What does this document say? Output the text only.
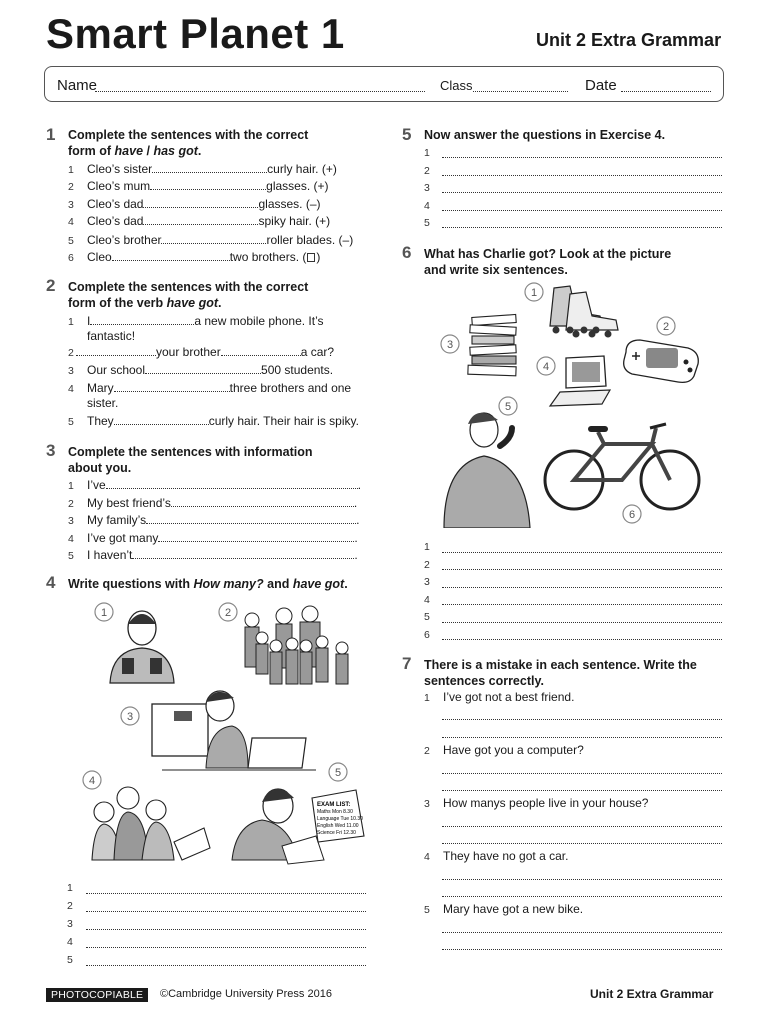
Smart Planet 1	Unit 2 Extra Grammar
Name	Class	Date
1 Complete the sentences with the correct
form of have / has got.
1 Cleo’s sister	curly hair. (+)
2 Cleo’s mum	glasses. (+)
3 Cleo’s dad	glasses. (–)
4 Cleo’s dad	spiky hair. (+)
5 Cleo’s brother	roller blades. (–)
6 Cleo	two brothers. ( )
2 Complete the sentences with the correct
form of the verb have got.
1 I	a new mobile phone. It’s
fantastic!
2	your brother	a car?
3 Our school	500 students.
4 Mary	three brothers and one
sister.
5 They	curly hair. Their hair is spiky.
3 Complete the sentences with information
about you.
1 I’ve	.
2 My best friend’s	.
3 My family’s	.
4 I’ve got many	.
5 I haven’t	.
4 Write questions with How many? and have got.
1	2
3
4
5
EXAM LIST:
Maths Mon 8.30
Language Tue 10.30
English Wed 11.00
Science Fri 12.30
1
2
3
4
5
5 Now answer the questions in Exercise 4.
1
2
3
4
5
6 What has Charlie got? Look at the picture
and write six sentences.
1
2
3
4
5
6
1
2
3
4
5
6
7 There is a mistake in each sentence. Write the
sentences correctly.
1 I’ve got not a best friend.
2 Have got you a computer?
3 How manys people live in your house?
4 They have no got a car.
5 Mary have got a new bike.
PHOTOCOPIABLE	©Cambridge University Press 2016	Unit 2 Extra Grammar
